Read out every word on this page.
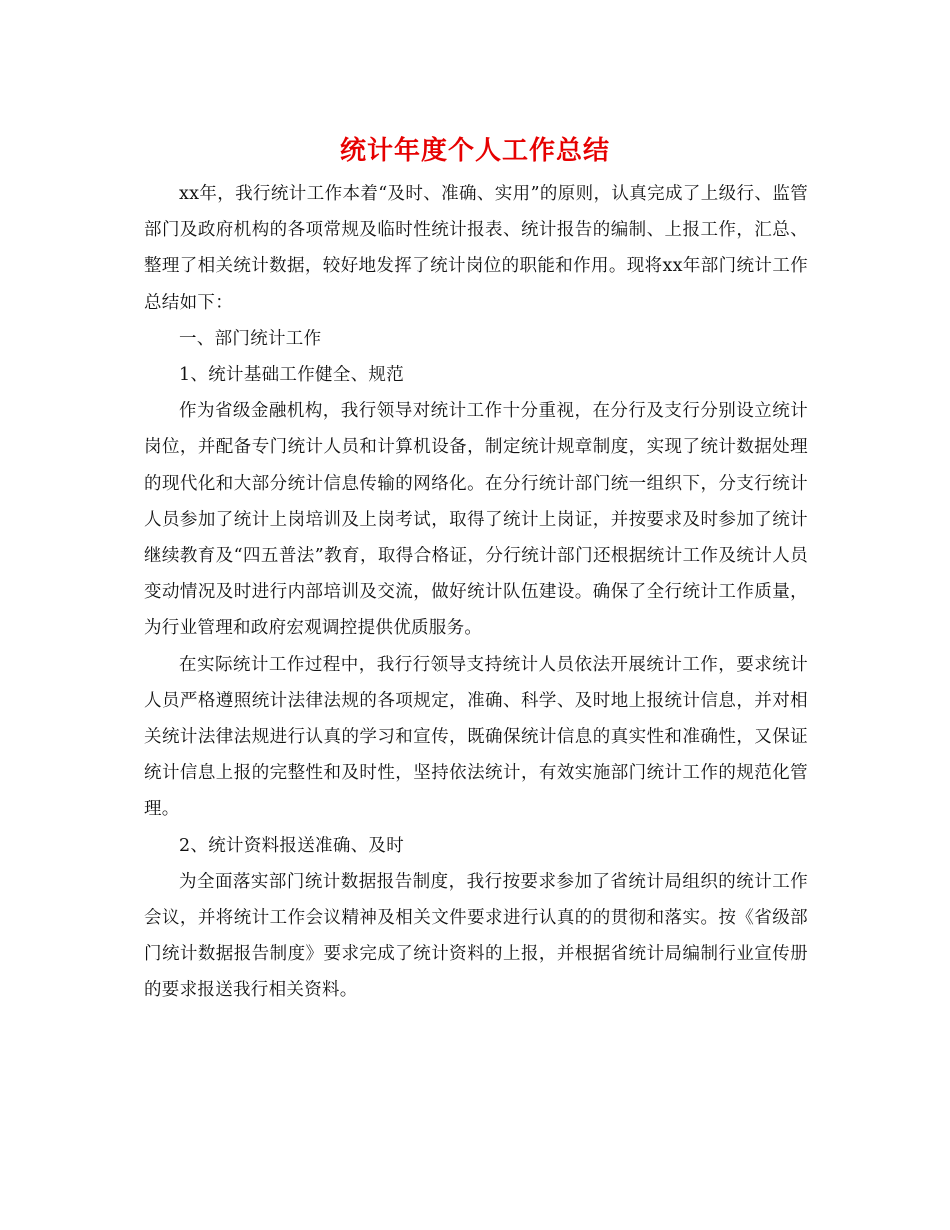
统计年度个人工作总结

xx年，我行统计工作本着“及时、准确、实用”的原则，认真完成了上级行、监管部门及政府机构的各项常规及临时性统计报表、统计报告的编制、上报工作，汇总、整理了相关统计数据，较好地发挥了统计岗位的职能和作用。现将xx年部门统计工作总结如下：

一、部门统计工作

1、统计基础工作健全、规范

作为省级金融机构，我行领导对统计工作十分重视，在分行及支行分别设立统计岗位，并配备专门统计人员和计算机设备，制定统计规章制度，实现了统计数据处理的现代化和大部分统计信息传输的网络化。在分行统计部门统一组织下，分支行统计人员参加了统计上岗培训及上岗考试，取得了统计上岗证，并按要求及时参加了统计继续教育及“四五普法”教育，取得合格证，分行统计部门还根据统计工作及统计人员变动情况及时进行内部培训及交流，做好统计队伍建设。确保了全行统计工作质量，为行业管理和政府宏观调控提供优质服务。

在实际统计工作过程中，我行行领导支持统计人员依法开展统计工作，要求统计人员严格遵照统计法律法规的各项规定，准确、科学、及时地上报统计信息，并对相关统计法律法规进行认真的学习和宣传，既确保统计信息的真实性和准确性，又保证统计信息上报的完整性和及时性，坚持依法统计，有效实施部门统计工作的规范化管理。

2、统计资料报送准确、及时

为全面落实部门统计数据报告制度，我行按要求参加了省统计局组织的统计工作会议，并将统计工作会议精神及相关文件要求进行认真的的贯彻和落实。按《省级部门统计数据报告制度》要求完成了统计资料的上报，并根据省统计局编制行业宣传册的要求报送我行相关资料。
